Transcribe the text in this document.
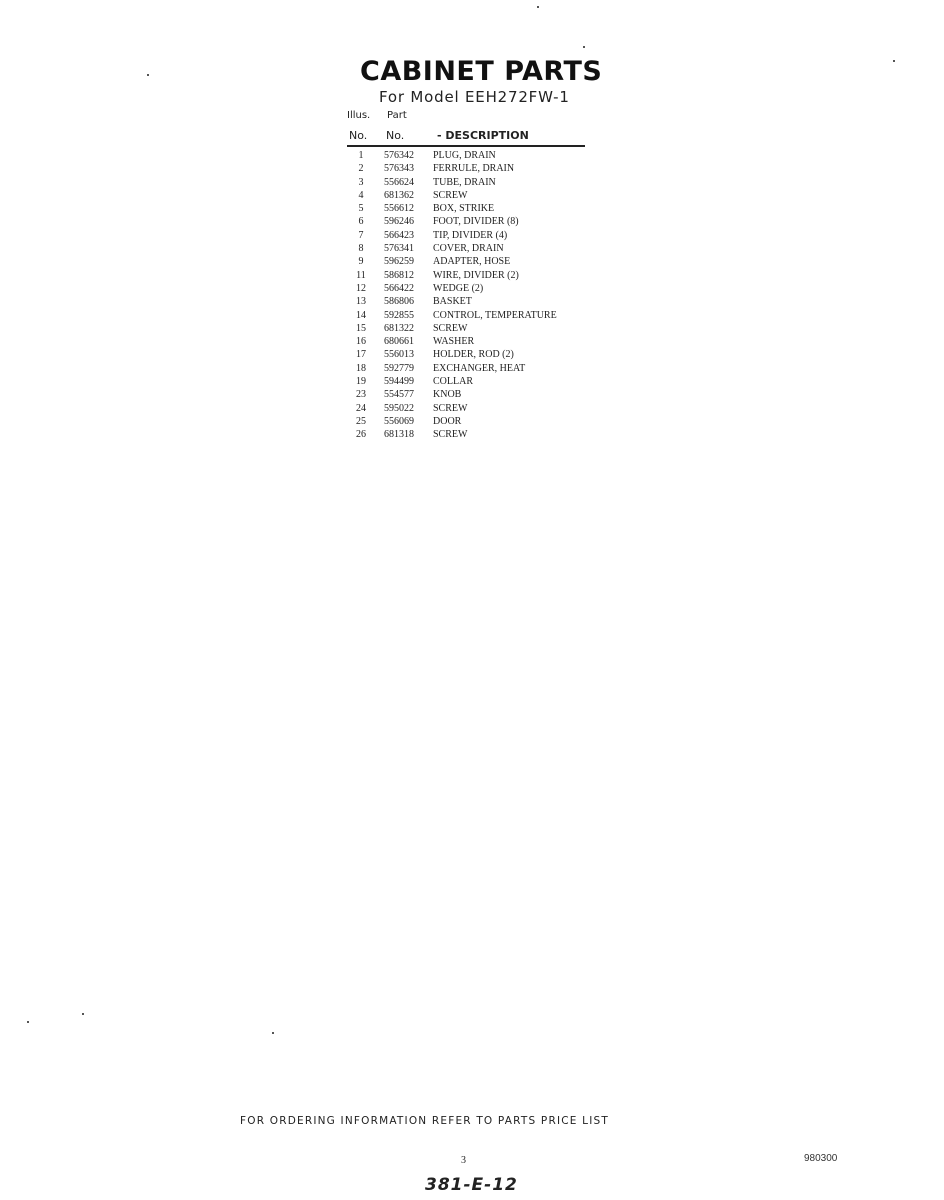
CABINET PARTS
For Model EEH272FW-1
Illus. Part
No. No.	- DESCRIPTION
1	576342 PLUG, DRAIN
2	576343 FERRULE, DRAIN
3	556624 TUBE, DRAIN
4	681362 SCREW
5	556612 BOX, STRIKE
6	596246 FOOT, DIVIDER (8)
7	566423 TIP, DIVIDER (4)
8	576341 COVER, DRAIN
9	596259 ADAPTER, HOSE
11	586812 WIRE, DIVIDER (2)
12	566422 WEDGE (2)
13	586806 BASKET
14	592855 CONTROL, TEMPERATURE
15	681322 SCREW
16	680661 WASHER
17	556013 HOLDER, ROD (2)
18	592779 EXCHANGER, HEAT
19	594499 COLLAR
23	554577 KNOB
24	595022 SCREW
25	556069 DOOR
26	681318 SCREW
FOR ORDERING INFORMATION REFER TO PARTS PRICE LIST
3	980300
381-E-12
